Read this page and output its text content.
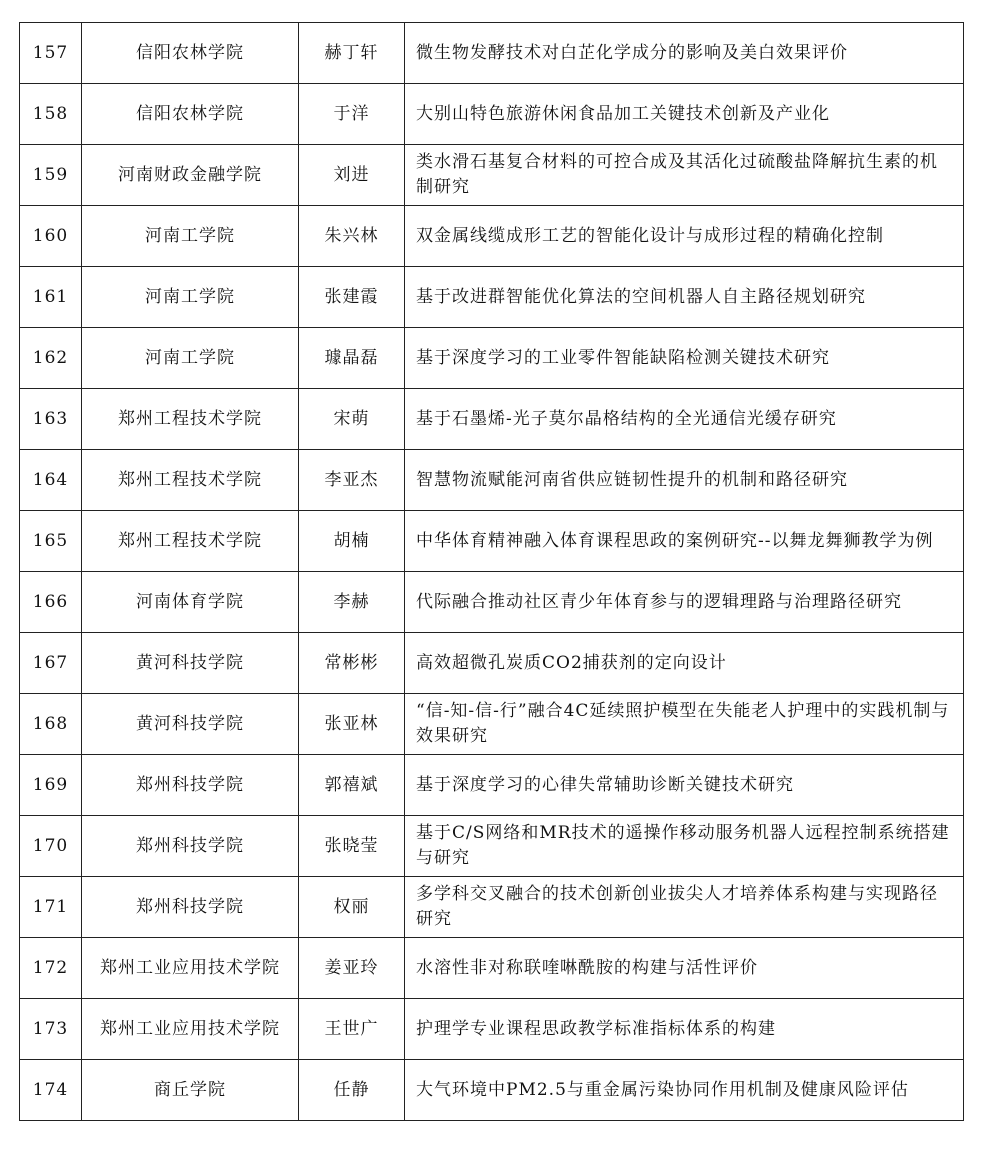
157	信阳农林学院	赫丁轩	微生物发酵技术对白芷化学成分的影响及美白效果评价
158	信阳农林学院	于洋	大别山特色旅游休闲食品加工关键技术创新及产业化
159	河南财政金融学院	刘进	类水滑石基复合材料的可控合成及其活化过硫酸盐降解抗生素的机制研究
160	河南工学院	朱兴林	双金属线缆成形工艺的智能化设计与成形过程的精确化控制
161	河南工学院	张建霞	基于改进群智能优化算法的空间机器人自主路径规划研究
162	河南工学院	璩晶磊	基于深度学习的工业零件智能缺陷检测关键技术研究
163	郑州工程技术学院	宋萌	基于石墨烯-光子莫尔晶格结构的全光通信光缓存研究
164	郑州工程技术学院	李亚杰	智慧物流赋能河南省供应链韧性提升的机制和路径研究
165	郑州工程技术学院	胡楠	中华体育精神融入体育课程思政的案例研究--以舞龙舞狮教学为例
166	河南体育学院	李赫	代际融合推动社区青少年体育参与的逻辑理路与治理路径研究
167	黄河科技学院	常彬彬	高效超微孔炭质CO2捕获剂的定向设计
168	黄河科技学院	张亚林	“信-知-信-行”融合4C延续照护模型在失能老人护理中的实践机制与效果研究
169	郑州科技学院	郭禧斌	基于深度学习的心律失常辅助诊断关键技术研究
170	郑州科技学院	张晓莹	基于C/S网络和MR技术的遥操作移动服务机器人远程控制系统搭建与研究
171	郑州科技学院	权丽	多学科交叉融合的技术创新创业拔尖人才培养体系构建与实现路径研究
172	郑州工业应用技术学院	姜亚玲	水溶性非对称联喹啉酰胺的构建与活性评价
173	郑州工业应用技术学院	王世广	护理学专业课程思政教学标准指标体系的构建
174	商丘学院	任静	大气环境中PM2.5与重金属污染协同作用机制及健康风险评估
